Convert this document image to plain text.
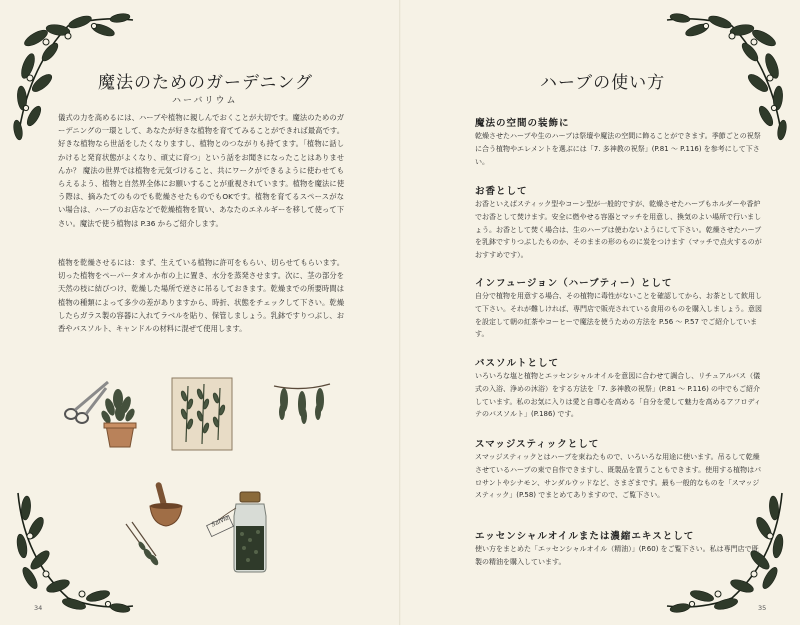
魔法のためのガーデニング
ハーバリウム
儀式の力を高めるには、ハーブや植物に親しんでおくことが大切です。魔法のためのガーデニングの一環として、あなたが好きな植物を育ててみることができれば最高です。好きな植物なら世話をしたくなりますし、植物とのつながりも持てます。「植物に話しかけると発育状態がよくなり、頑丈に育つ」という話をお聞きになったことはありませんか？ 魔法の世界では植物を元気づけること、共にワークができるように使わせてもらえるよう、植物と自然界全体にお願いすることが重視されています。植物を魔法に使う際は、摘みたてのものでも乾燥させたものでもOKです。植物を育てるスペースがない場合は、ハーブのお店などで乾燥植物を買い、あなたのエネルギーを移して使って下さい。魔法で使う植物は P.36 からご紹介します。
植物を乾燥させるには：まず、生えている植物に許可をもらい、切らせてもらいます。切った植物をペーパータオルか布の上に置き、水分を蒸発させます。次に、茎の部分を天然の枝に結びつけ、乾燥した場所で逆さに吊るしておきます。乾燥までの所要時間は植物の種類によって多少の差がありますから、時折、状態をチェックして下さい。乾燥したらガラス製の容器に入れてラベルを貼り、保管しましょう。乳鉢ですりつぶし、お香やバスソルト、キャンドルの材料に混ぜて使用します。
Salvia
34
ハーブの使い方
魔法の空間の装飾に
乾燥させたハーブや生のハーブは祭壇や魔法の空間に飾ることができます。季節ごとの祝祭に合う植物やエレメントを選ぶには「7. 多神教の祝祭」(P.81 〜 P.116) を参考にして下さい。
お香として
お香といえばスティック型やコーン型が一般的ですが、乾燥させたハーブもホルダーや香炉でお香として焚けます。安全に燃やせる容器とマッチを用意し、換気のよい場所で行いましょう。お香として焚く場合は、生のハーブは使わないようにして下さい。乾燥させたハーブを乳鉢ですりつぶしたものか、そのままの形のものに炭をつけます（マッチで点火するのがおすすめです）。
インフュージョン（ハーブティー）として
自分で植物を用意する場合、その植物に毒性がないことを確認してから、お茶として飲用して下さい。それが難しければ、専門店で販売されている食用のものを購入しましょう。意図を設定して朝の紅茶やコーヒーで魔法を使うための方法を P.56 〜 P.57 でご紹介しています。
バスソルトとして
いろいろな塩と植物とエッセンシャルオイルを意図に合わせて調合し、リチュアルバス（儀式の入浴、浄めの沐浴）をする方法を「7. 多神教の祝祭」(P.81 〜 P.116) の中でもご紹介しています。私のお気に入りは愛と自尊心を高める「自分を愛して魅力を高めるアフロディテのバスソルト」(P.186) です。
スマッジスティックとして
スマッジスティックとはハーブを束ねたもので、いろいろな用途に使います。吊るして乾燥させているハーブの束で自作できますし、既製品を買うこともできます。使用する植物はパロサントやシナモン、サンダルウッドなど、さまざまです。最も一般的なものを「スマッジスティック」(P.58) でまとめてありますので、ご覧下さい。
エッセンシャルオイルまたは濃縮エキスとして
使い方をまとめた「エッセンシャルオイル（精油）」(P.60) をご覧下さい。私は専門店で既製の精油を購入しています。
35
